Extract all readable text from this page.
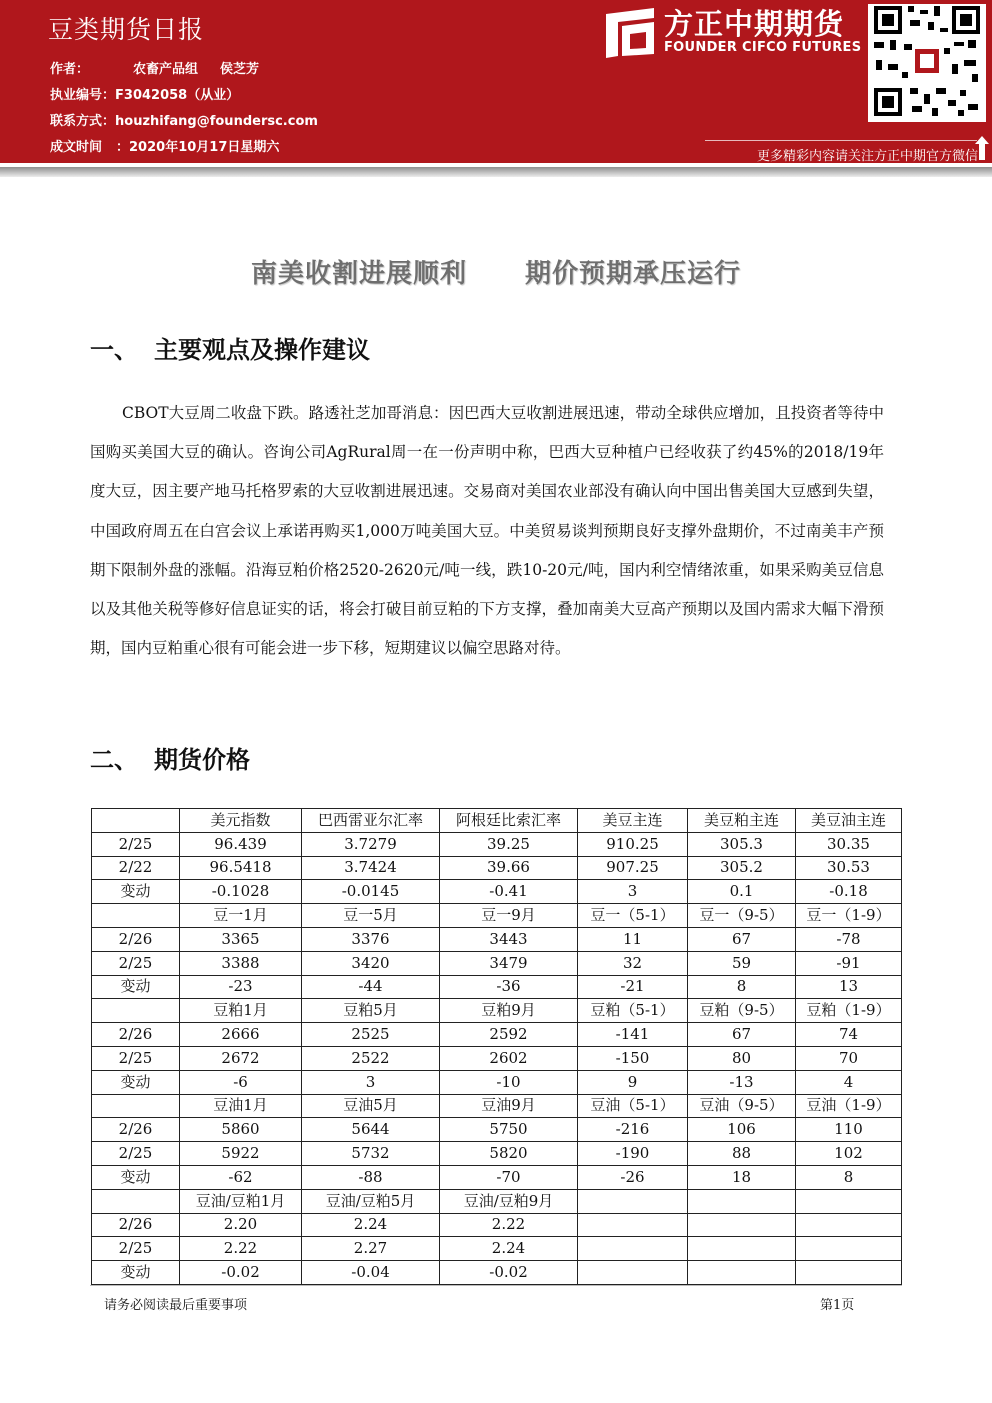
豆类期货日报
作者：	农畜产品组 侯芝芳
执业编号：F3042058（从业）
联系方式：houzhifang@foundersc.com
成文时间 ：2020年10月17日星期六
方正中期期货
FOUNDER CIFCO FUTURES
更多精彩内容请关注方正中期官方微信
南美收割进展顺利 期价预期承压运行
一、 主要观点及操作建议

CBOT大豆周二收盘下跌。路透社芝加哥消息：因巴西大豆收割进展迅速，带动全球供应增加，且投资者等待中国购买美国大豆的确认。咨询公司AgRural周一在一份声明中称，巴西大豆种植户已经收获了约45%的2018/19年度大豆，因主要产地马托格罗索的大豆收割进展迅速。交易商对美国农业部没有确认向中国出售美国大豆感到失望，中国政府周五在白宫会议上承诺再购买1,000万吨美国大豆。中美贸易谈判预期良好支撑外盘期价，不过南美丰产预期下限制外盘的涨幅。沿海豆粕价格2520-2620元/吨一线，跌10-20元/吨，国内利空情绪浓重，如果采购美豆信息以及其他关税等修好信息证实的话，将会打破目前豆粕的下方支撑，叠加南美大豆高产预期以及国内需求大幅下滑预期，国内豆粕重心很有可能会进一步下移，短期建议以偏空思路对待。

二、 期货价格
	美元指数	巴西雷亚尔汇率	阿根廷比索汇率	美豆主连	美豆粕主连	美豆油主连
2/25	96.439	3.7279	39.25	910.25	305.3	30.35
2/22	96.5418	3.7424	39.66	907.25	305.2	30.53
变动	-0.1028	-0.0145	-0.41	3	0.1	-0.18
	豆一1月	豆一5月	豆一9月	豆一（5-1）	豆一（9-5）	豆一（1-9）
2/26	3365	3376	3443	11	67	-78
2/25	3388	3420	3479	32	59	-91
变动	-23	-44	-36	-21	8	13
	豆粕1月	豆粕5月	豆粕9月	豆粕（5-1）	豆粕（9-5）	豆粕（1-9）
2/26	2666	2525	2592	-141	67	74
2/25	2672	2522	2602	-150	80	70
变动	-6	3	-10	9	-13	4
	豆油1月	豆油5月	豆油9月	豆油（5-1）	豆油（9-5）	豆油（1-9）
2/26	5860	5644	5750	-216	106	110
2/25	5922	5732	5820	-190	88	102
变动	-62	-88	-70	-26	18	8
	豆油/豆粕1月	豆油/豆粕5月	豆油/豆粕9月			
2/26	2.20	2.24	2.22			
2/25	2.22	2.27	2.24			
变动	-0.02	-0.04	-0.02			
请务必阅读最后重要事项	第1页
